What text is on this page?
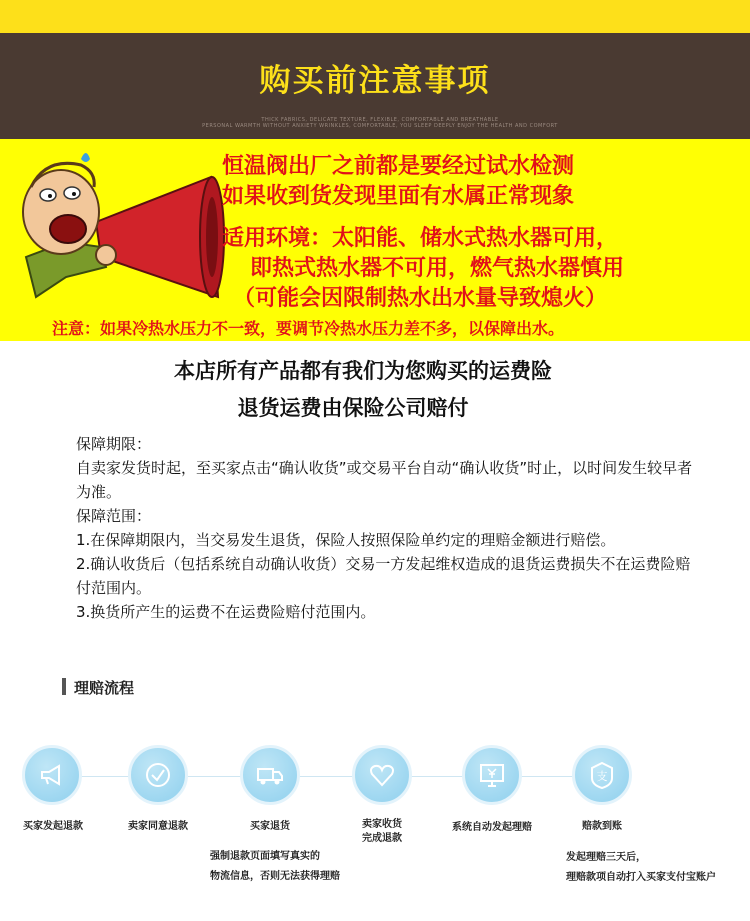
购买前注意事项
THICK FABRICS, DELICATE TEXTURE, FLEXIBLE, COMFORTABLE AND BREATHABLE
PERSONAL WARMTH WITHOUT ANXIETY WRINKLES, COMFORTABLE, YOU SLEEP DEEPLY ENJOY THE HEALTH AND COMFORT
恒温阀出厂之前都是要经过试水检测
如果收到货发现里面有水属正常现象
适用环境：太阳能、储水式热水器可用，
即热式热水器不可用，燃气热水器慎用
（可能会因限制热水出水量导致熄火）
注意：如果冷热水压力不一致，要调节冷热水压力差不多，以保障出水。
本店所有产品都有我们为您购买的运费险
退货运费由保险公司赔付

保障期限：

自卖家发货时起，至买家点击“确认收货”或交易平台自动“确认收货”时止，以时间发生较早者为准。

保障范围：

1.在保障期限内，当交易发生退货，保险人按照保险单约定的理赔金额进行赔偿。

2.确认收货后（包括系统自动确认收货）交易一方发起维权造成的退货运费损失不在运费险赔付范围内。

3.换货所产生的运费不在运费险赔付范围内。

理赔流程
支
买家发起退款	卖家同意退款	买家退货	卖家收货
完成退款
系统自动发起理赔	赔款到账
强制退款页面填写真实的
物流信息，否则无法获得理赔
发起理赔三天后，
理赔款项自动打入买家支付宝账户
